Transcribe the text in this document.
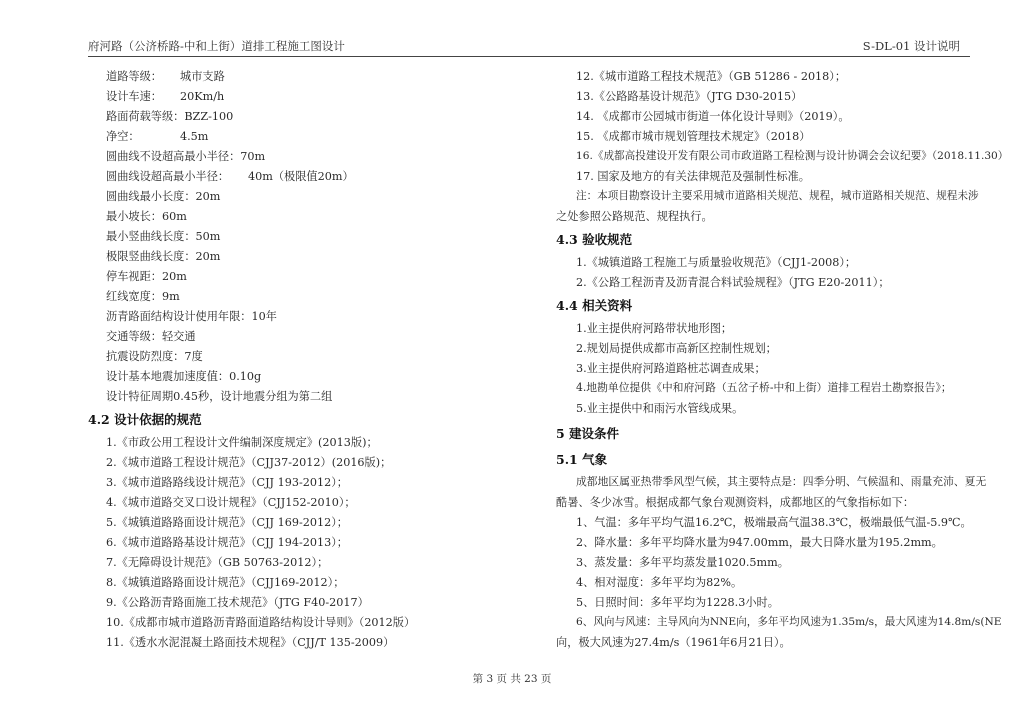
府河路（公济桥路-中和上街）道排工程施工图设计	S-DL-01 设计说明
道路等级： 城市支路
设计车速： 20Km/h
路面荷载等级：BZZ-100
净空：	4.5m
圆曲线不设超高最小半径：70m
圆曲线设超高最小半径： 40m（极限值20m）
圆曲线最小长度：20m
最小坡长：60m
最小竖曲线长度：50m
极限竖曲线长度：20m
停车视距：20m
红线宽度：9m
沥青路面结构设计使用年限：10年
交通等级：轻交通
抗震设防烈度：7度
设计基本地震加速度值：0.10g
设计特征周期0.45秒，设计地震分组为第二组
4.2 设计依据的规范
1.《市政公用工程设计文件编制深度规定》(2013版)；
2.《城市道路工程设计规范》（CJJ37-2012）(2016版)；
3.《城市道路路线设计规范》（CJJ 193-2012）；
4.《城市道路交叉口设计规程》（CJJ152-2010）；
5.《城镇道路路面设计规范》（CJJ 169-2012）；
6.《城市道路路基设计规范》（CJJ 194-2013）；
7.《无障碍设计规范》（GB 50763-2012）；
8.《城镇道路路面设计规范》（CJJ169-2012）；
9.《公路沥青路面施工技术规范》（JTG F40-2017）
10.《成都市城市道路沥青路面道路结构设计导则》（2012版）
11.《透水水泥混凝土路面技术规程》（CJJ/T 135-2009）
12.《城市道路工程技术规范》（GB 51286 - 2018）；
13.《公路路基设计规范》（JTG D30-2015）
14. 《成都市公园城市街道一体化设计导则》（2019）。
15. 《成都市城市规划管理技术规定》（2018）
16.《成都高投建设开发有限公司市政道路工程检测与设计协调会会议纪要》（2018.11.30）
17. 国家及地方的有关法律规范及强制性标准。
注：本项目勘察设计主要采用城市道路相关规范、规程，城市道路相关规范、规程未涉
之处参照公路规范、规程执行。
4.3 验收规范
1.《城镇道路工程施工与质量验收规范》（CJJ1-2008）；
2.《公路工程沥青及沥青混合料试验规程》（JTG E20-2011）；
4.4 相关资料
1.业主提供府河路带状地形图；
2.规划局提供成都市高新区控制性规划；
3.业主提供府河路道路桩芯调查成果；
4.地勘单位提供《中和府河路（五岔子桥-中和上街）道排工程岩土勘察报告》；
5.业主提供中和雨污水管线成果。
5 建设条件
5.1 气象
成都地区属亚热带季风型气候，其主要特点是：四季分明、气候温和、雨量充沛、夏无
酷暑、冬少冰雪。根据成都气象台观测资料，成都地区的气象指标如下：
1、气温：多年平均气温16.2℃，极端最高气温38.3℃，极端最低气温-5.9℃。
2、降水量：多年平均降水量为947.00mm，最大日降水量为195.2mm。
3、蒸发量：多年平均蒸发量1020.5mm。
4、相对湿度：多年平均为82%。
5、日照时间：多年平均为1228.3小时。
6、风向与风速：主导风向为NNE向，多年平均风速为1.35m/s，最大风速为14.8m/s(NE
向，极大风速为27.4m/s（1961年6月21日）。
第 3 页 共 23 页
